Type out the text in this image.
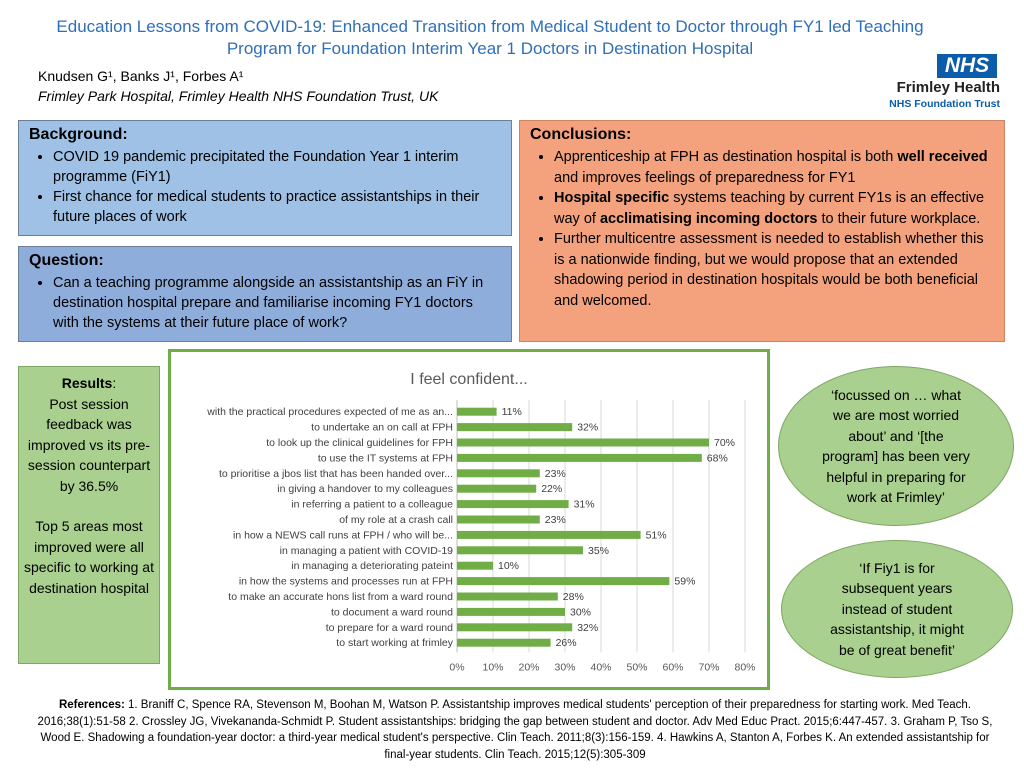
Education Lessons from COVID-19: Enhanced Transition from Medical Student to Doctor through FY1 led Teaching
Program for Foundation Interim Year 1 Doctors in Destination Hospital
Knudsen G¹, Banks J¹, Forbes A¹
Frimley Park Hospital, Frimley Health NHS Foundation Trust, UK
NHS
Frimley Health
NHS Foundation Trust
Background:
• COVID 19 pandemic precipitated the Foundation Year 1 interim programme (FiY1)
• First chance for medical students to practice assistantships in their future places of work
Question:
• Can a teaching programme alongside an assistantship as an FiY in destination hospital prepare and familiarise incoming FY1 doctors with the systems at their future place of work?
Conclusions:
• Apprenticeship at FPH as destination hospital is both well received and improves feelings of preparedness for FY1
• Hospital specific systems teaching by current FY1s is an effective way of acclimatising incoming doctors to their future workplace.
• Further multicentre assessment is needed to establish whether this is a nationwide finding, but we would propose that an extended shadowing period in destination hospitals would be both beneficial and welcomed.
Results:
Post session feedback was improved vs its pre-session counterpart by 36.5%
Top 5 areas most improved were all specific to working at destination hospital
I feel confident...
0% 10% 20% 30% 40% 50% 60% 70% 80%
with the practical procedures expected of me as an...	11%
to undertake an on call at FPH	32%
to look up the clinical guidelines for FPH	70%
to use the IT systems at FPH	68%
to prioritise a jbos list that has been handed over...	23%
in giving a handover to my colleagues	22%
in referring a patient to a colleague	31%
of my role at a crash call	23%
in how a NEWS call runs at FPH / who will be...	51%
in managing a patient with COVID-19	35%
in managing a deteriorating pateint	10%
in how the systems and processes run at FPH	59%
to make an accurate hons list from a ward round	28%
to document a ward round	30%
to prepare for a ward round	32%
to start working at frimley	26%
‘focussed on … what we are most worried about’ and ‘[the program] has been very helpful in preparing for work at Frimley’
‘If Fiy1 is for subsequent years instead of student assistantship, it might be of great benefit’
References: 1. Braniff C, Spence RA, Stevenson M, Boohan M, Watson P. Assistantship improves medical students' perception of their preparedness for starting work. Med Teach. 2016;38(1):51-58 2. Crossley JG, Vivekananda-Schmidt P. Student assistantships: bridging the gap between student and doctor. Adv Med Educ Pract. 2015;6:447-457. 3. Graham P, Tso S, Wood E. Shadowing a foundation-year doctor: a third-year medical student's perspective. Clin Teach. 2011;8(3):156-159. 4. Hawkins A, Stanton A, Forbes K. An extended assistantship for final-year students. Clin Teach. 2015;12(5):305-309
